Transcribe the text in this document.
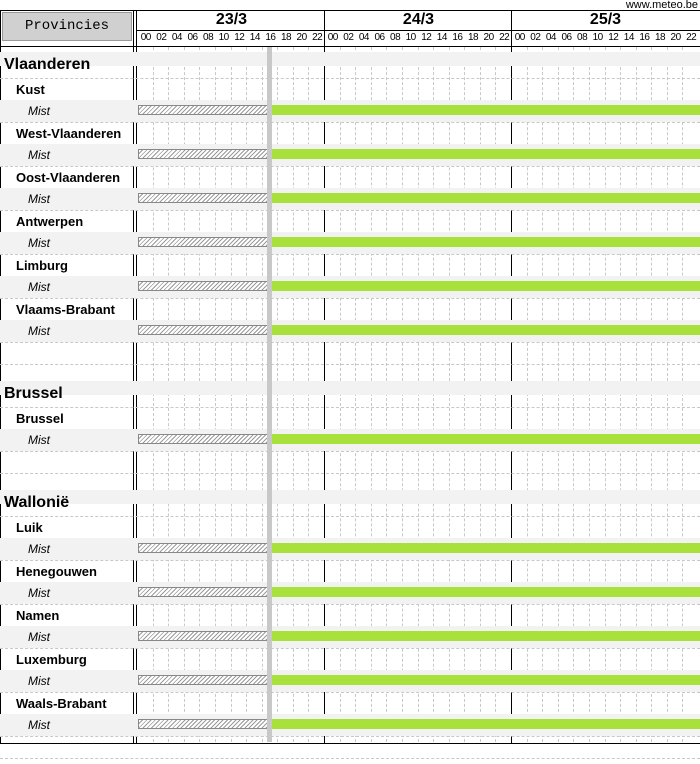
www.meteo.be
Provincies	23/3
00 02 04 06 08 10 12 14 16 18 20 22
24/3
00 02 04 06 08 10 12 14 16 18 20 22
25/3
00 02 04 06 08 10 12 14 16 18 20 22
Vlaanderen
Kust
Mist
West-Vlaanderen
Mist
Oost-Vlaanderen
Mist
Antwerpen
Mist
Limburg
Mist
Vlaams-Brabant
Mist
Brussel
Brussel
Mist
Wallonië
Luik
Mist
Henegouwen
Mist
Namen
Mist
Luxemburg
Mist
Waals-Brabant
Mist
